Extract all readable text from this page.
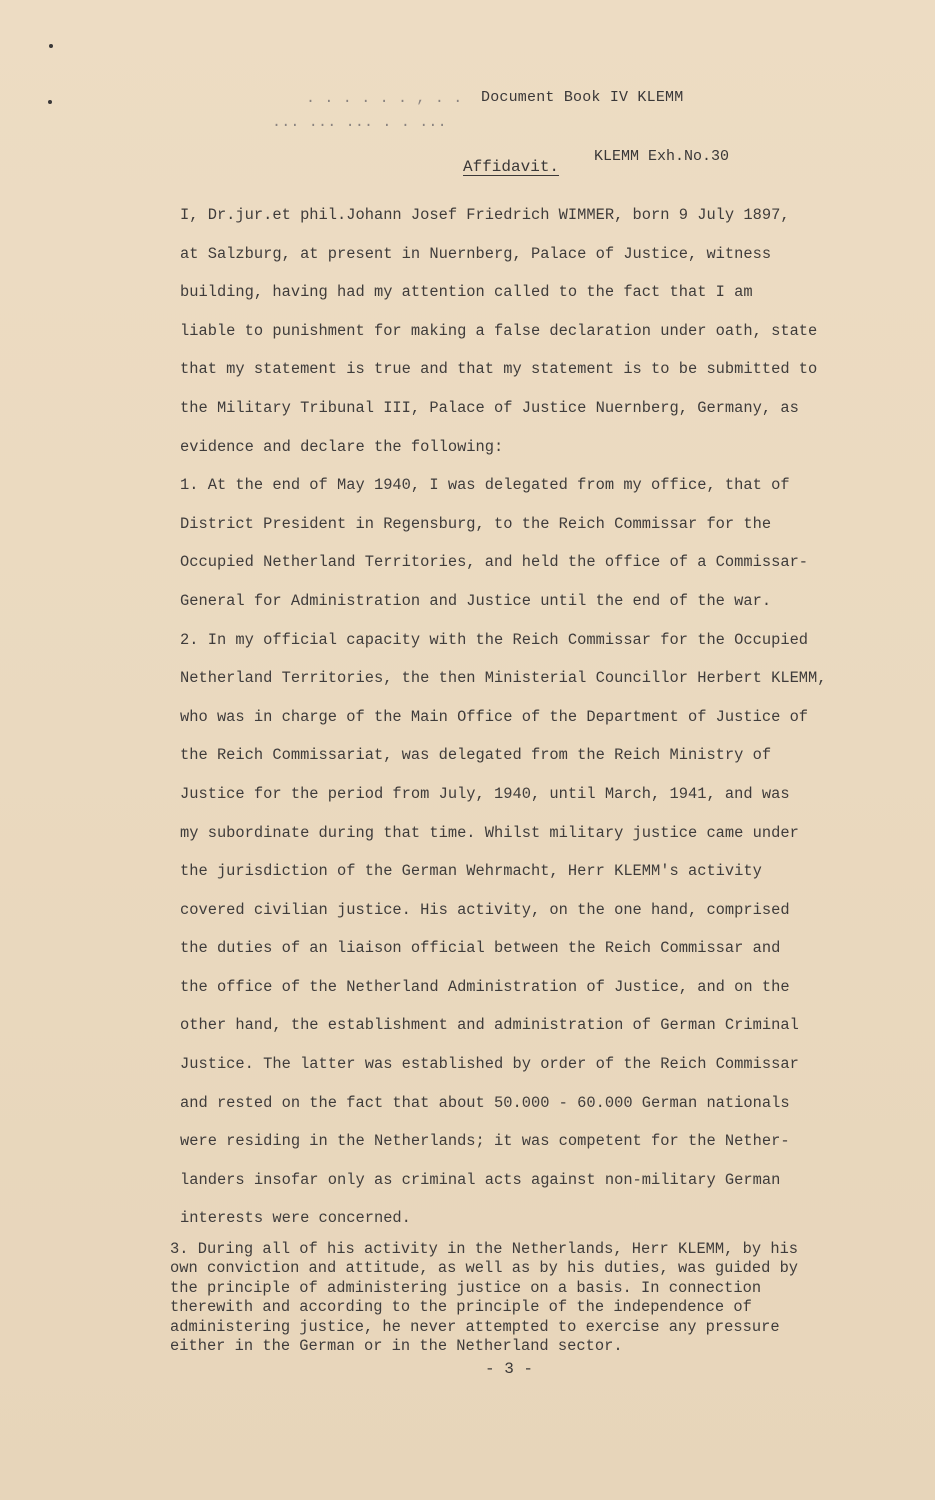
. . . . . . , . . Document Book IV KLEMM
... ... ... . . ...
KLEMM Exh.No.30
Affidavit.

I, Dr.jur.et phil.Johann Josef Friedrich WIMMER, born 9 July 1897,

at Salzburg, at present in Nuernberg, Palace of Justice, witness

building, having had my attention called to the fact that I am

liable to punishment for making a false declaration under oath, state

that my statement is true and that my statement is to be submitted to

the Military Tribunal III, Palace of Justice Nuernberg, Germany, as

evidence and declare the following:

1. At the end of May 1940, I was delegated from my office, that of

District President in Regensburg, to the Reich Commissar for the

Occupied Netherland Territories, and held the office of a Commissar-

General for Administration and Justice until the end of the war.

2. In my official capacity with the Reich Commissar for the Occupied

Netherland Territories, the then Ministerial Councillor Herbert KLEMM,

who was in charge of the Main Office of the Department of Justice of

the Reich Commissariat, was delegated from the Reich Ministry of

Justice for the period from July, 1940, until March, 1941, and was

my subordinate during that time. Whilst military justice came under

the jurisdiction of the German Wehrmacht, Herr KLEMM's activity

covered civilian justice. His activity, on the one hand, comprised

the duties of an liaison official between the Reich Commissar and

the office of the Netherland Administration of Justice, and on the

other hand, the establishment and administration of German Criminal

Justice. The latter was established by order of the Reich Commissar

and rested on the fact that about 50.000 - 60.000 German nationals

were residing in the Netherlands; it was competent for the Nether-

landers insofar only as criminal acts against non-military German

interests were concerned.

3. During all of his activity in the Netherlands, Herr KLEMM, by his

own conviction and attitude, as well as by his duties, was guided by

the principle of administering justice on a basis. In connection

therewith and according to the principle of the independence of

administering justice, he never attempted to exercise any pressure

either in the German or in the Netherland sector.

- 3 -
